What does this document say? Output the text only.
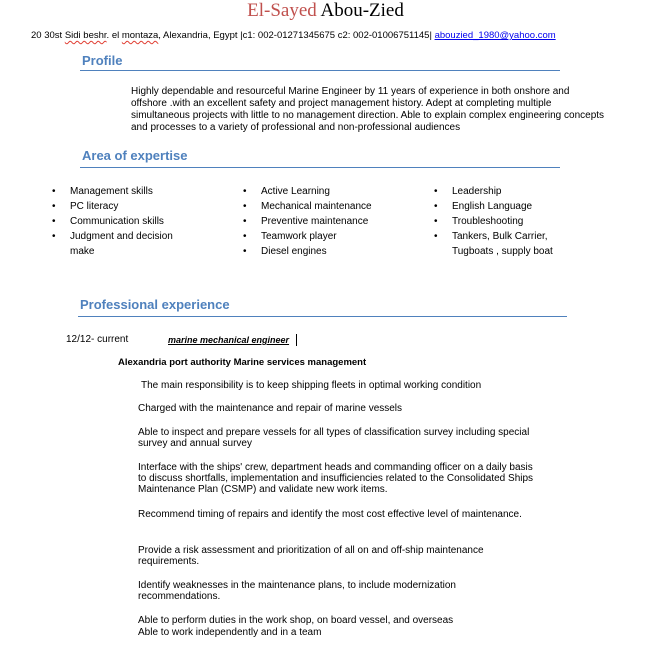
El-Sayed Abou-Zied
20 30st Sidi beshr. el montaza, Alexandria, Egypt |c1: 002-01271345675 c2: 002-01006751145| abouzied_1980@yahoo.com
Profile
Highly dependable and resourceful Marine Engineer by 11 years of experience in both onshore and offshore .with an excellent safety and project management history. Adept at completing multiple simultaneous projects with little to no management direction. Able to explain complex engineering concepts and processes to a variety of professional and non-professional audiences
Area of expertise
• Management skills
• PC literacy
• Communication skills
• Judgment and decision make
• Active Learning
• Mechanical maintenance
• Preventive maintenance
• Teamwork player
• Diesel engines
• Leadership
• English Language
• Troubleshooting
• Tankers, Bulk Carrier, Tugboats , supply boat
Professional experience
12/12- current	marine mechanical engineer
Alexandria port authority Marine services management
The main responsibility is to keep shipping fleets in optimal working condition
Charged with the maintenance and repair of marine vessels
Able to inspect and prepare vessels for all types of classification survey including special survey and annual survey
Interface with the ships' crew, department heads and commanding officer on a daily basis to discuss shortfalls, implementation and insufficiencies related to the Consolidated Ships Maintenance Plan (CSMP) and validate new work items.
Recommend timing of repairs and identify the most cost effective level of maintenance.
Provide a risk assessment and prioritization of all on and off-ship maintenance requirements.
Identify weaknesses in the maintenance plans, to include modernization recommendations.
Able to perform duties in the work shop, on board vessel, and overseas
Able to work independently and in a team
